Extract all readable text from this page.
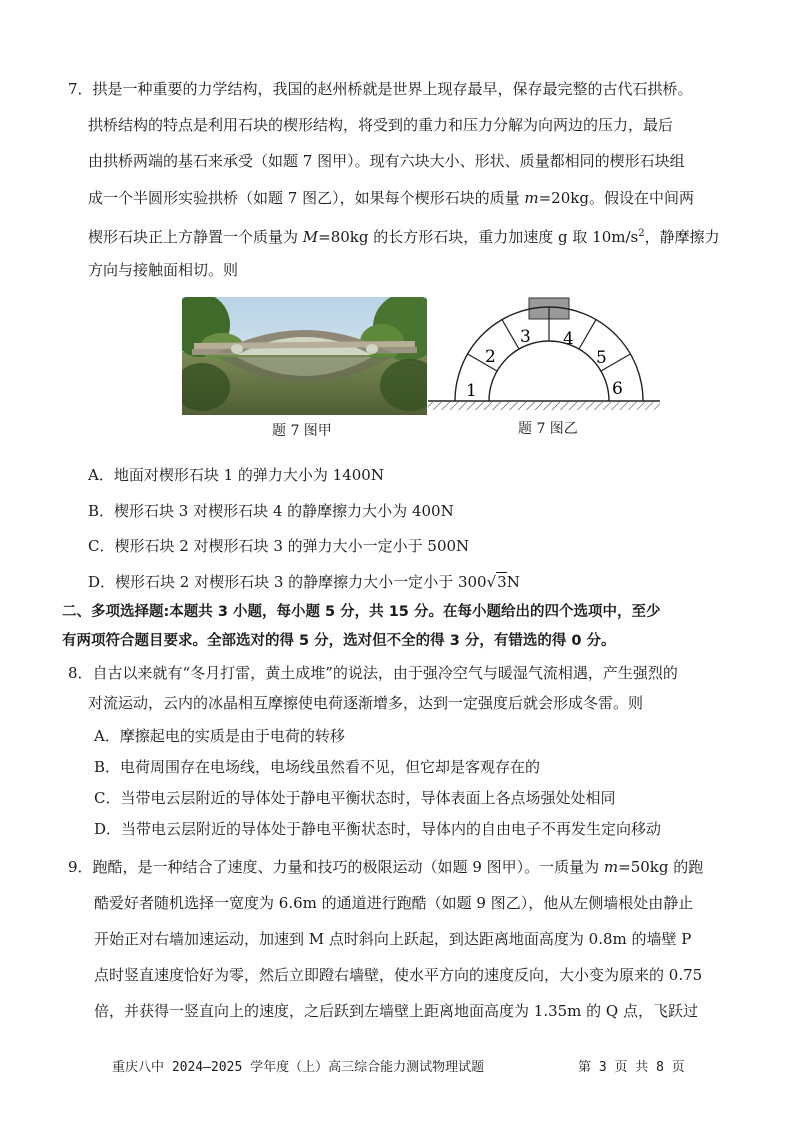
7．拱是一种重要的力学结构，我国的赵州桥就是世界上现存最早，保存最完整的古代石拱桥。
拱桥结构的特点是利用石块的楔形结构，将受到的重力和压力分解为向两边的压力，最后
由拱桥两端的基石来承受（如题 7 图甲）。现有六块大小、形状、质量都相同的楔形石块组
成一个半圆形实验拱桥（如题 7 图乙），如果每个楔形石块的质量 m=20kg。假设在中间两
楔形石块正上方静置一个质量为 M=80kg 的长方形石块，重力加速度 g 取 $10m/s^2$，静摩擦力
方向与接触面相切。则
题 7 图甲
1
2
3 4
5
6
题 7 图乙
A．地面对楔形石块 1 的弹力大小为 1400N
B．楔形石块 3 对楔形石块 4 的静摩擦力大小为 400N
C．楔形石块 2 对楔形石块 3 的弹力大小一定小于 500N
D．楔形石块 2 对楔形石块 3 的静摩擦力大小一定小于 300√3N
二、多项选择题:本题共 3 小题，每小题 5 分，共 15 分。在每小题给出的四个选项中，至少
有两项符合题目要求。全部选对的得 5 分，选对但不全的得 3 分，有错选的得 0 分。
8．自古以来就有“冬月打雷，黄土成堆”的说法，由于强冷空气与暖湿气流相遇，产生强烈的
对流运动，云内的冰晶相互摩擦使电荷逐渐增多，达到一定强度后就会形成冬雷。则
A．摩擦起电的实质是由于电荷的转移
B．电荷周围存在电场线，电场线虽然看不见，但它却是客观存在的
C．当带电云层附近的导体处于静电平衡状态时，导体表面上各点场强处处相同
D．当带电云层附近的导体处于静电平衡状态时，导体内的自由电子不再发生定向移动
9．跑酷，是一种结合了速度、力量和技巧的极限运动（如题 9 图甲）。一质量为 m=50kg 的跑
酷爱好者随机选择一宽度为 6.6m 的通道进行跑酷（如题 9 图乙），他从左侧墙根处由静止
开始正对右墙加速运动，加速到 M 点时斜向上跃起，到达距离地面高度为 0.8m 的墙壁 P
点时竖直速度恰好为零，然后立即蹬右墙壁，使水平方向的速度反向，大小变为原来的 0.75
倍，并获得一竖直向上的速度，之后跃到左墙壁上距离地面高度为 1.35m 的 Q 点，飞跃过
重庆八中 2024—2025 学年度（上）高三综合能力测试物理试题	第 3 页 共 8 页
